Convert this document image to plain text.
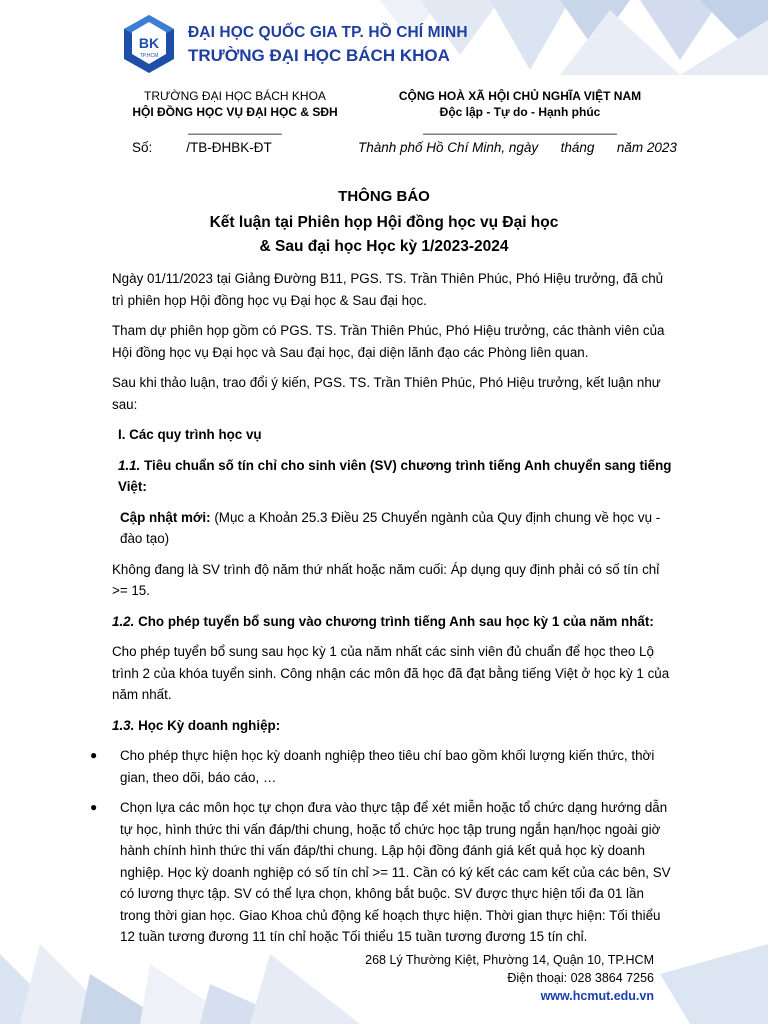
BK
TP.HCM
ĐẠI HỌC QUỐC GIA TP. HỒ CHÍ MINH
TRƯỜNG ĐẠI HỌC BÁCH KHOA
TRƯỜNG ĐẠI HỌC BÁCH KHOA
HỘI ĐỒNG HỌC VỤ ĐẠI HỌC & SĐH
______________
CỘNG HOÀ XÃ HỘI CHỦ NGHĨA VIỆT NAM
Độc lập - Tự do - Hạnh phúc
_____________________________
Số:	/TB-ĐHBK-ĐT	Thành phố Hồ Chí Minh, ngày      tháng      năm 2023
THÔNG BÁO
Kết luận tại Phiên họp Hội đồng học vụ Đại học
& Sau đại học Học kỳ 1/2023-2024

Ngày 01/11/2023 tại Giảng Đường B11, PGS. TS. Trần Thiên Phúc, Phó Hiệu trưởng, đã chủ trì phiên họp Hội đồng học vụ Đại học & Sau đại học.

Tham dự phiên họp gồm có PGS. TS. Trần Thiên Phúc, Phó Hiệu trưởng, các thành viên của Hội đồng học vụ Đại học và Sau đại học, đại diện lãnh đạo các Phòng liên quan.

Sau khi thảo luận, trao đổi ý kiến, PGS. TS. Trần Thiên Phúc, Phó Hiệu trưởng, kết luận như sau:

I. Các quy trình học vụ

1.1. Tiêu chuẩn số tín chỉ cho sinh viên (SV) chương trình tiếng Anh chuyển sang tiếng Việt:

Cập nhật mới: (Mục a Khoản 25.3 Điều 25 Chuyển ngành của Quy định chung về học vụ - đào tạo)

Không đang là SV trình độ năm thứ nhất hoặc năm cuối: Áp dụng quy định phải có số tín chỉ >= 15.

1.2. Cho phép tuyển bổ sung vào chương trình tiếng Anh sau học kỳ 1 của năm nhất:

Cho phép tuyển bổ sung sau học kỳ 1 của năm nhất các sinh viên đủ chuẩn để học theo Lộ trình 2 của khóa tuyển sinh. Công nhận các môn đã học đã đạt bằng tiếng Việt ở học kỳ 1 của năm nhất.

1.3. Học Kỳ doanh nghiệp:

● Cho phép thực hiện học kỳ doanh nghiệp theo tiêu chí bao gồm khối lượng kiến thức, thời gian, theo dõi, báo cáo, …
● Chọn lựa các môn học tự chọn đưa vào thực tập để xét miễn hoặc tổ chức dạng hướng dẫn tự học, hình thức thi vấn đáp/thi chung, hoặc tổ chức học tập trung ngắn hạn/học ngoài giờ hành chính hình thức thi vấn đáp/thi chung. Lập hội đồng đánh giá kết quả học kỳ doanh nghiệp. Học kỳ doanh nghiệp có số tín chỉ >= 11. Cần có ký kết các cam kết của các bên, SV có lương thực tập. SV có thể lựa chọn, không bắt buộc. SV được thực hiện tối đa 01 lần trong thời gian học. Giao Khoa chủ động kế hoạch thực hiện. Thời gian thực hiện: Tối thiểu 12 tuần tương đương 11 tín chỉ hoặc Tối thiểu 15 tuần tương đương 15 tín chỉ.
268 Lý Thường Kiệt, Phường 14, Quận 10, TP.HCM
Điện thoại: 028 3864 7256
www.hcmut.edu.vn
